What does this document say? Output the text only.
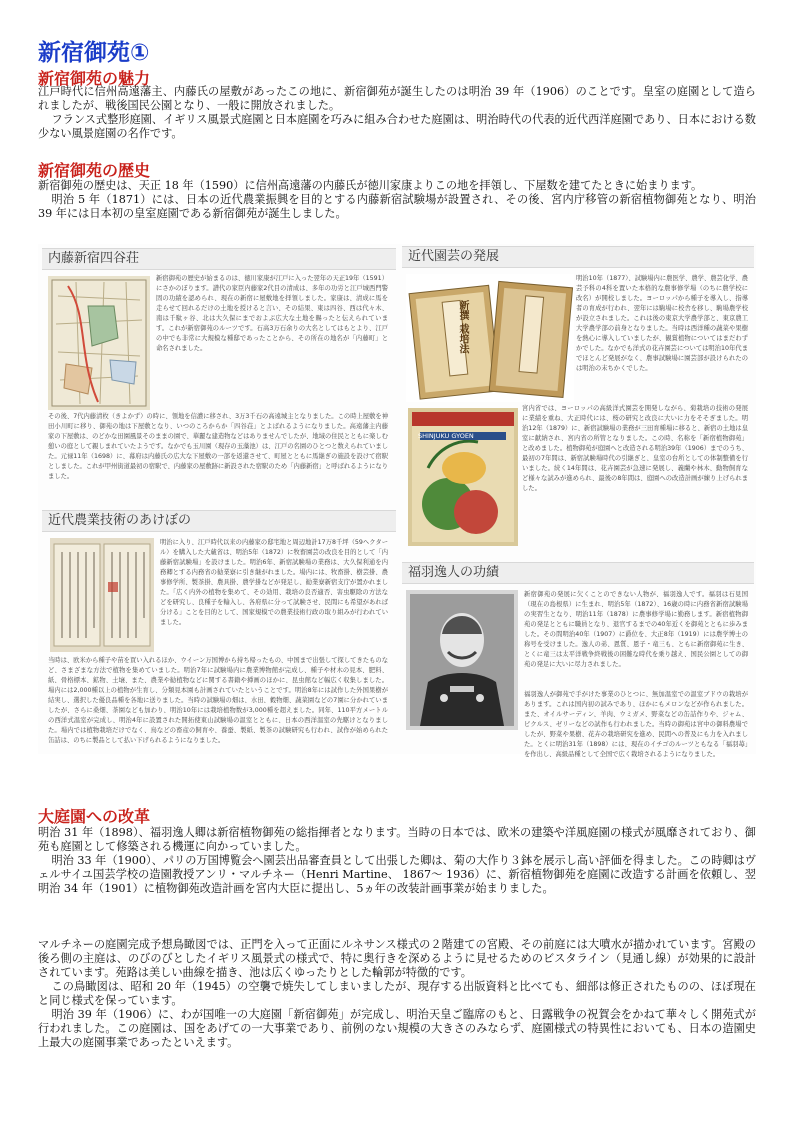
新宿御苑①
新宿御苑の魅力

江戸時代に信州高遠藩主、内藤氏の屋敷があったこの地に、新宿御苑が誕生したのは明治 39 年（1906）のことです。皇室の庭園として造られましたが、戦後国民公園となり、一般に開放されました。

フランス式整形庭園、イギリス風景式庭園と日本庭園を巧みに組み合わせた庭園は、明治時代の代表的近代西洋庭園であり、日本における数少ない風景庭園の名作です。

新宿御苑の歴史

新宿御苑の歴史は、天正 18 年（1590）に信州高遠藩の内藤氏が徳川家康よりこの地を拝領し、下屋数を建てたときに始まります。

明治 5 年（1871）には、日本の近代農業振興を目的とする内藤新宿試験場が設置され、その後、宮内庁移管の新宿植物御苑となり、明治 39 年には日本初の皇室庭園である新宿御苑が誕生しました。

内藤新宿四谷荘

新宿御苑の歴史が始まるのは、徳川家康が江戸に入った翌年の天正19年（1591）にさかのぼります。譜代の家臣内藤家2代目の清成は、多年の功労と江戸城西門警固の功績を認められ、現在の新宿に屋敷地を拝領しました。家康は、清成に馬を走らせて回れるだけの土地を授けると言い、その結果、東は四谷、西は代々木、南は千駄ヶ谷、北は大久保にまでおよぶ広大な土地を賜ったと伝えられています。これが新宿御苑のルーツです。石高3万石余りの大名としてはもとより、江戸の中でも非常に大規模な種邸であったことから、その所在の地名が「内藤町」と命名されました。

その後、7代内藤清枚（きよかず）の時に、領地を信濃に移され、3万3千石の高遠城主となりました。この時上屋敷を神田小川町に移り、御苑の地は下屋敷となり、いつのころからか「四谷荘」とよばれるようになりました。高遠藩主内藤家の下屋敷は、のどかな田園風景そのままの園で、華麗な建造物などはありませんでしたが、地域の住民とともに楽しむ憩いの庭として親しまれていたようです。なかでも玉川園（現存の玉藻池）は、江戸の名園のひとつと数えられていました。元禄11年（1698）に、幕府は内藤氏の広大な下屋敷の一部を返還させて、町屋とともに馬継ぎの施設を設けて宿駅としました。これが甲州街道最初の宿駅で、内藤家の屋敷跡に新設された宿駅のため「内藤新宿」と呼ばれるようになりました。

近代農業技術のあけぼの

明治に入り、江戸時代以来の内藤家の邸宅地と周辺地計17万8千坪（59ヘクタール）を購入した大蔵省は、明治5年（1872）に牧畜園芸の改良を目的として「内藤新宿試験場」を設けました。明治6年、新宿試験場の業務は、大久保利通を内務卿とする内務省の勧業寮に引き継がれました。場内には、牧畜掛、樹芸掛、農事修学所、製茶掛、農具掛、農学掛などが発足し、勧業寮新宿支庁が置かれました。「広く内外の植物を集めて、その効用、栽培の良否適否、害虫駆除の方法などを研究し、良種子を輸入し、各府県に分って試験させ、民間にも希望があれば分ける」ことを目的として、国家規模での農業技術行政の取り組みが行われていました。

当時は、欧米から種子や苗を買い入れるほか、ウイーン万国博から持ち帰ったもの、中国まで出張して探してきたものなど、さまざまな方法で植物を集めていました。明治7年に試験場内に農業博物館が完成し、種子や材木の見本、肥料、紙、骨格標本、鉱物、土壌、また、農業や勧植物などに関する書籍や挿画のほかに、昆虫館など幅広く収集しました。場内には2,000種以上の植物が生育し、分類見本園も計画されていたということです。明治8年には試作した外国果樹が結実し、選択した優良品種を各地に送りました。当時の試験場の畑は、水田、穀物畑、蔬菜園などの7園に分かれていましたが、さらに桑畑、茶園なども加わり、明治10年には栽培植物数が3,000種を超えました。同年、110平方メートルの西洋式温室が完成し、明治4年に設置された開拓使東山試験場の温室とともに、日本の西洋温室の先駆けとなりました。場内では植物栽培だけでなく、鳥などの畜産の飼育や、養蚕、製紙、製茶の試験研究も行われ、試作が始められた缶詰は、のちに製品として払い下げられるようになりました。

近代園芸の発展
新撰 栽培法

明治10年（1877）、試験場内に農医学、農学、農芸化学、農芸予科の4科を置いた本格的な農事修学場（のちに農学校に改名）が開校しました。ヨーロッパから種子を導入し、指導者の育成が行われ、翌年には駒場に校舎を移し、駒場農学校が設立されました。これは後の東京大学農学部と、東京農工大学農学部の前身となりました。当時は西洋種の蔬菜や果樹を熱心に導入していましたが、観賞植物についてはまだわずかでした。なかでも洋式の花卉園芸については明治10年代までほとんど発展がなく、農事試験場に園芸部が設けられたのは明治の末ちかくでした。

SHINJUKU GYOEN

宮内省では、ヨーロッパの高級洋式園芸を開発しながら、菊栽培の技術の発展に業績を重ね、大正時代には、桜の研究と改良に大いに力をそそぎました。明治12年（1879）に、新宿試験場の業務が三田育種場に移ると、新宿の土地は皇室に献納され、宮内省の所管となりました。この時、名称を「新宿植物御苑」と改めました。植物御苑が庭園へと改造される明治39年（1906）までのうち、最初の7年間は、新宿試験場時代の引継ぎと、皇室の台所としての体制整備を行いました。続く14年間は、花卉園芸が急速に発展し、義蘭や林木、動物飼育など様々な試みが進められ、最後の8年間は、庭園への改造計画が練り上げられました。

福羽逸人の功績

新宿御苑の発展に欠くことのできない人物が、福羽逸人です。福羽は石見国（現在の島根県）に生まれ、明治5年（1872）、16歳の時に内務省新宿試験場の実習生となり、明治11年（1878）に農事修学場に勤務します。新宿植物御苑の発足とともに職員となり、退官するまでの40年近くを御苑とともに歩みました。その間明治40年（1907）に爵位を、大正8年（1919）には農学博士の称号を受けました。逸人の弟、恩質、恩子・竜三も、ともに新宿御苑に生き、とくに竜三は太平洋戦争終戦後の困難な時代を乗り越え、国民公園としての御苑の発足に大いに尽力されました。

福羽逸人が御苑で手がけた事業のひとつに、無加温室での温室ブドウの栽培があります。これは国内初の試みであり、ほかにもメロンなどが作られました。また、オイルサーディン、羊肉、ウミガメ、野菜などの缶詰作りや、ジャム、ピクルス、ゼリーなどの試作も行われました。当時の御苑は宮中の御料農場でしたが、野菜や果樹、花卉の栽培研究を進め、民間への普及にも力を入れました。とくに明治31年（1898）には、現在のイチゴのルーツともなる「福羽苺」を作出し、高級品種として全国で広く栽培されるようになりました。

大庭園への改革

明治 31 年（1898）、福羽逸人卿は新宿植物御苑の総指揮者となります。当時の日本では、欧米の建築や洋風庭園の様式が風靡されており、御苑も庭園として修築される機運に向かっていました。

明治 33 年（1900）、パリの万国博覧会へ園芸出品審査員として出張した卿は、菊の大作り３鉢を展示し高い評価を得ました。この時卿はヴェルサイユ国芸学校の造園教授アンリ・マルチネー（Henri Martine、 1867～ 1936）に、新宿植物御苑を庭園に改造する計画を依頼し、翌明治 34 年（1901）に植物御苑改造計画を宮内大臣に提出し、5ヵ年の改装計画事業が始まりました。

マルチネーの庭園完成予想鳥瞰図では、正門を入って正面にルネサンス様式の２階建ての宮殿、その前庭には大噴水が描かれています。宮殿の後ろ側の主庭は、のびのびとしたイギリス風景式の様式で、特に奥行きを深めるように見せるためのビスタライン（見通し線）が効果的に設計されています。苑路は美しい曲線を描き、池は広くゆったりとした輪郭が特徴的です。

この鳥瞰図は、昭和 20 年（1945）の空襲で焼失してしまいましたが、現存する出版資料と比べても、細部は修正されたものの、ほぼ現在と同じ様式を保っています。

明治 39 年（1906）に、わが国唯一の大庭園「新宿御苑」が完成し、明治天皇ご臨席のもと、日露戦争の祝賀会をかねて華々しく開苑式が行われました。この庭園は、国をあげての一大事業であり、前例のない規模の大きさのみならず、庭園様式の特異性においても、日本の造園史上最大の庭園事業であったといえます。
